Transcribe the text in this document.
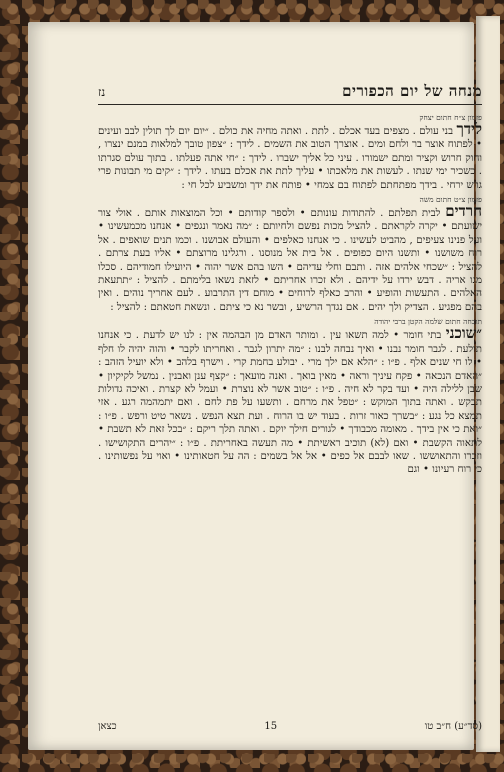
מנחה של יום הכפורים
נז
פזמון צ״ח חתום יצחק

לידך בני עולם . מצפים בעד אכלם . לתת . ואתה מחיה את כולם . ״יום יום לך תולין לבב ועינים • לפתוח אוצר בר ולחם ומים . אוצרך הטוב את השמים . לידך : ״צפון טובך למלאות במנם ינצרו , וחוק חרוש וקציר ומתם ישמורו . עיני כל אליך ישברו . לידך : ״חי אתה פעלתו . בתוך עולם סגרתו . כשכיר ימי שנתו . לעשות את מלאכתו • עליך לתת את אכלם בעתו . לידך : ״קים מי תבונות פרי גרש ירחי . בידך מפתחתם לפתוח בם צמחי • פותח את ידך ומשביע לכל חי :

פזמון צ״ט חתום משה

חרדים לבית תפלתם . להתודות עונותם • ולספר קודותם • וכל המוצאות אותם . אולי צור ישועתם • יקרה לקראתם . להציל מכות נפשם ולחיותם : ״מה נאמר ונגפים • אנחנו מכמעשינו • ועל פנינו צעיפים , מהביט לעשינו . כי אנחנו כאלפים • והעולם אבושנו . וכמו תנים שואפים . אל רוח משושנו • ותשנו היום כפופים . אל בית אל מנוסנו . ורגלינו מרוצתם • אליו בעת צרתם . להציל : ״שכחי אלהים אזה . ותבם וחלי עדיהם • השו בהם אשר יהוה • היועילו חמודיהם . סכלו מגו אריה . דבש ירדו על ידיהם . ולא זכרו אחריתם • לזאת נשאו בלימתם . להציל : ״תתעאת האלהים . התעשות והופיע • והרב כאלף לרוחים • מוחם דין התרבוע . לעם אחריך נוהים . ואין בהם מפגיע . הצדיק ולך יהים . אם נגדך הרשיע , ובשר נא כי ציתם . ונשאת חטאתם : להציל :

תוכחה חתום שלמה הקטן ברבי יהודה

״שוכני בתי חומר • למה תשאו עין . ומותר האדם מן הבהמה אין : לנו יש לדעת . כי אנחנו תולעת . לגבר חומר נבנו • ואיך נבחה לבנו : ״מה יתרון לגבר . ואחריתו לקבר • והוה יהיה לו חלף • לו חי שנים אלף . פ״ו : ״הלא אם ילך מרי . יבולע בחמת קרי . וישרף בלהב • ולא יועיל הזהב : ״האדם הנכאה • פקח עיניך וראה • מאין בואך . ואנה מועאך : ״קצף ענן ואבנין . נמשל לקיקיון • שבן ללילה היה • ועד בקר לא חיה . פ״ו : ״טוב אשר לא נוצרת • ועמל לא קצרת . ואיכה גדולות תבקש . ואתה בתוך המוקש : ״טפל את מרחם . ותשעו על פת לחם . ואם יתמהמה רגע . אזי תמצא כל נגע : ״בשרך כאור זרות . בעוד יש בו הרוח . ועת תצא הנפש . נשאר טיט ורפש . פ״ו : ״ואת כי אין בידך . מאומה מכבודך • לגורים חילך יוקם . ואתה תלך ריקם : ״בכל זאת לא תשבת • לתאוה הקשבת • ואם (לא) תוכיב ראשיתת • מה תעשה באחריתת . פ״ו : ״יהרים התקושישו . וזכרו והתאוששו . שאו לבבם אל כפים • אל אל בשמים : הה על חטאותינו • ואוי על נפשותינו . כי רוח רעיונו • וגם

(סד״ע) ח״ב טו
15
כצאן
